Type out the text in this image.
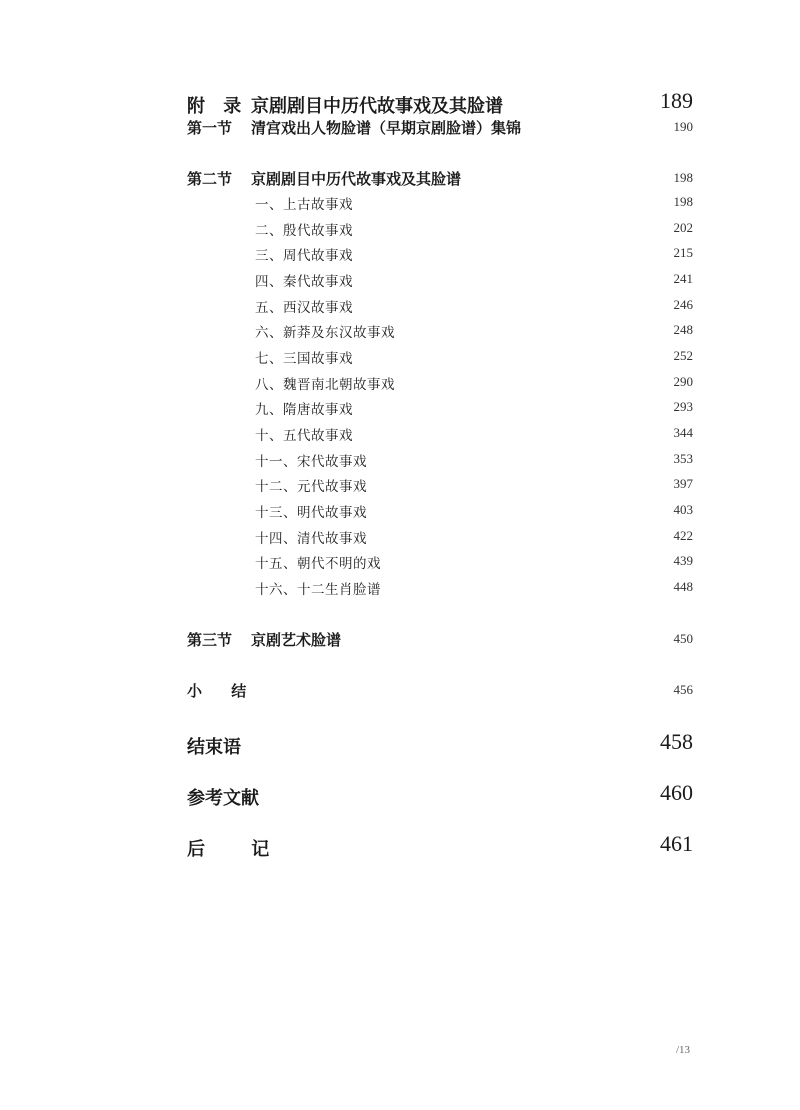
附 录 京剧剧目中历代故事戏及其脸谱	189
第一节 清宫戏出人物脸谱（早期京剧脸谱）集锦	190
第二节 京剧剧目中历代故事戏及其脸谱	198
一、上古故事戏	198
二、殷代故事戏	202
三、周代故事戏	215
四、秦代故事戏	241
五、西汉故事戏	246
六、新莽及东汉故事戏	248
七、三国故事戏	252
八、魏晋南北朝故事戏	290
九、隋唐故事戏	293
十、五代故事戏	344
十一、宋代故事戏	353
十二、元代故事戏	397
十三、明代故事戏	403
十四、清代故事戏	422
十五、朝代不明的戏	439
十六、十二生肖脸谱	448
第三节 京剧艺术脸谱	450
小 结	456
结束语	458
参考文献	460
后 记	461
/13
